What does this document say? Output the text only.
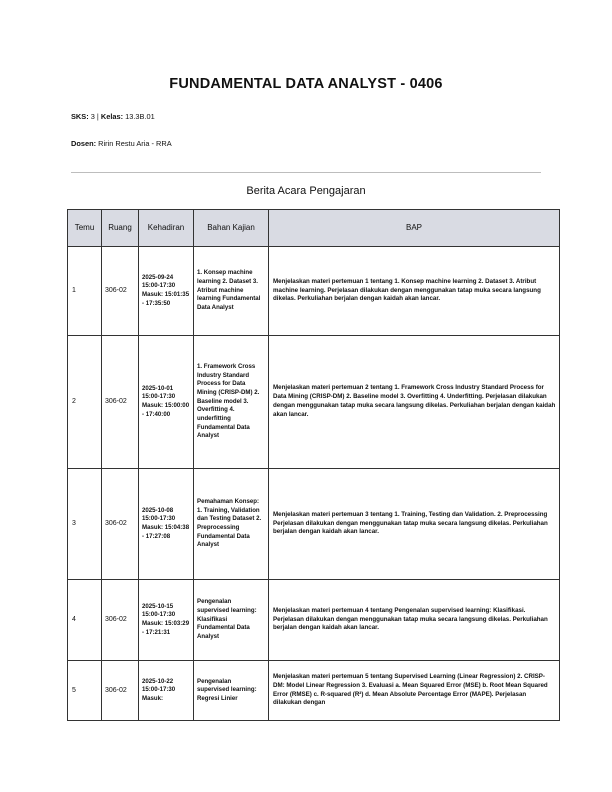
FUNDAMENTAL DATA ANALYST - 0406
SKS: 3 | Kelas: 13.3B.01
Dosen: Ririn Restu Aria - RRA
Berita Acara Pengajaran
Temu	Ruang	Kehadiran	Bahan Kajian	BAP
1	306-02	2025-09-24 15:00-17:30 Masuk: 15:01:35 - 17:35:50	1. Konsep machine learning 2. Dataset 3. Atribut machine learning Fundamental Data Analyst	Menjelaskan materi pertemuan 1 tentang 1. Konsep machine learning 2. Dataset 3. Atribut machine learning. Perjelasan dilakukan dengan menggunakan tatap muka secara langsung dikelas. Perkuliahan berjalan dengan kaidah akan lancar.
2	306-02	2025-10-01 15:00-17:30 Masuk: 15:00:00 - 17:40:00	1. Framework Cross Industry Standard Process for Data Mining (CRISP-DM) 2. Baseline model 3. Overfitting 4. underfitting Fundamental Data Analyst	Menjelaskan materi pertemuan 2 tentang 1. Framework Cross Industry Standard Process for Data Mining (CRISP-DM) 2. Baseline model 3. Overfitting 4. Underfitting. Perjelasan dilakukan dengan menggunakan tatap muka secara langsung dikelas. Perkuliahan berjalan dengan kaidah akan lancar.
3	306-02	2025-10-08 15:00-17:30 Masuk: 15:04:38 - 17:27:08	Pemahaman Konsep: 1. Training, Validation dan Testing Dataset 2. Preprocessing Fundamental Data Analyst	Menjelaskan materi pertemuan 3 tentang 1. Training, Testing dan Validation. 2. Preprocessing Perjelasan dilakukan dengan menggunakan tatap muka secara langsung dikelas. Perkuliahan berjalan dengan kaidah akan lancar.
4	306-02	2025-10-15 15:00-17:30 Masuk: 15:03:29 - 17:21:31	Pengenalan supervised learning: Klasifikasi Fundamental Data Analyst	Menjelaskan materi pertemuan 4 tentang Pengenalan supervised learning: Klasifikasi. Perjelasan dilakukan dengan menggunakan tatap muka secara langsung dikelas. Perkuliahan berjalan dengan kaidah akan lancar.
5	306-02	2025-10-22 15:00-17:30 Masuk:	Pengenalan supervised learning: Regresi Linier	Menjelaskan materi pertemuan 5 tentang Supervised Learning (Linear Regression) 2. CRISP-DM: Model Linear Regression 3. Evaluasi a. Mean Squared Error (MSE) b. Root Mean Squared Error (RMSE) c. R-squared (R²) d. Mean Absolute Percentage Error (MAPE). Perjelasan dilakukan dengan
